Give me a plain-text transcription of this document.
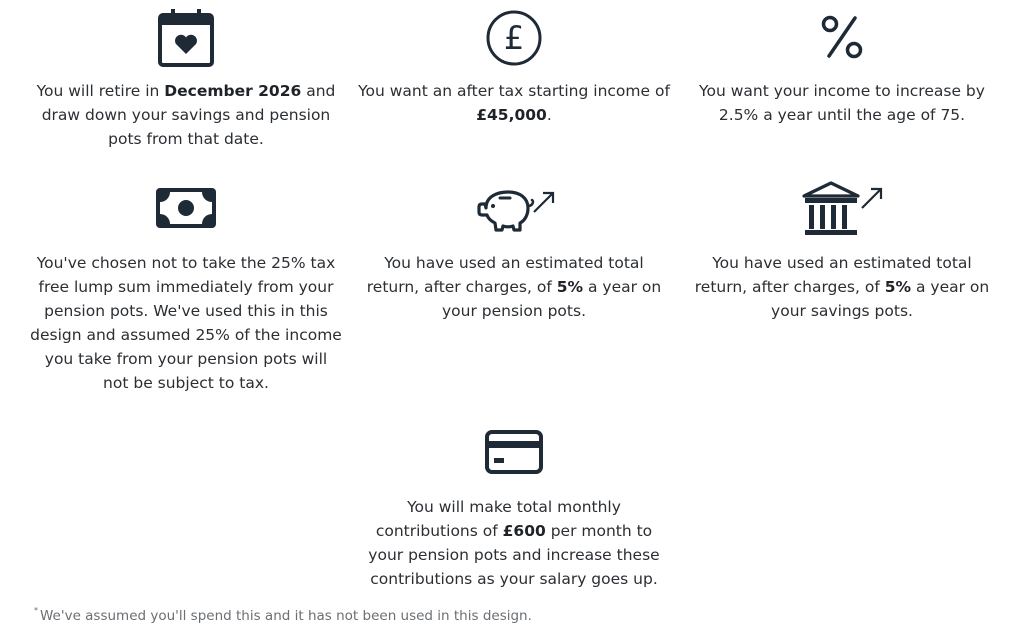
You will retire in December 2026 and draw down your savings and pension pots from that date.
£
You want an after tax starting income of £45,000.
You want your income to increase by 2.5% a year until the age of 75.
You've chosen not to take the 25% tax free lump sum immediately from your pension pots. We've used this in this design and assumed 25% of the income you take from your pension pots will not be subject to tax.
You have used an estimated total return, after charges, of 5% a year on your pension pots.
You have used an estimated total return, after charges, of 5% a year on your savings pots.
You will make total monthly contributions of £600 per month to your pension pots and increase these contributions as your salary goes up.
* We've assumed you'll spend this and it has not been used in this design.
